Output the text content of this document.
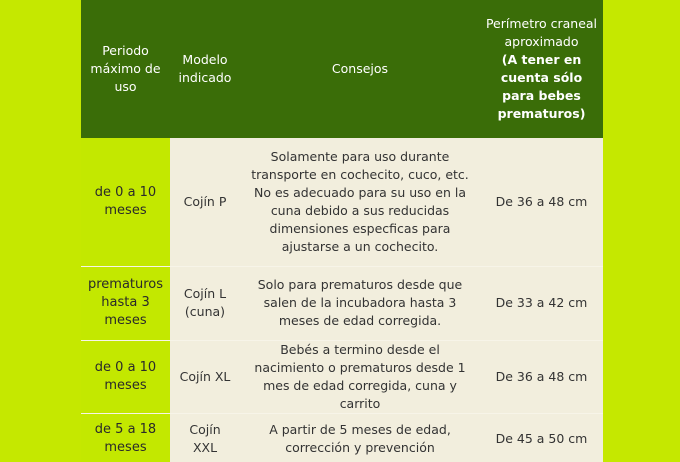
Periodo máximo de uso	Modelo indicado	Consejos	Perímetro craneal aproximado
(A tener en cuenta sólo para bebes prematuros)

de 0 a 10 meses	Cojín P	Solamente para uso durante transporte en cochecito, cuco, etc. No es adecuado para su uso en la cuna debido a sus reducidas dimensiones especficas para ajustarse a un cochecito.	De 36 a 48 cm
prematuros hasta 3 meses	Cojín L (cuna)	Solo para prematuros desde que salen de la incubadora hasta 3 meses de edad corregida.	De 33 a 42 cm
de 0 a 10 meses	Cojín XL	Bebés a termino desde el nacimiento o prematuros desde 1 mes de edad corregida, cuna y carrito	De 36 a 48 cm
de 5 a 18 meses	Cojín XXL	A partir de 5 meses de edad, corrección y prevención	De 45 a 50 cm
